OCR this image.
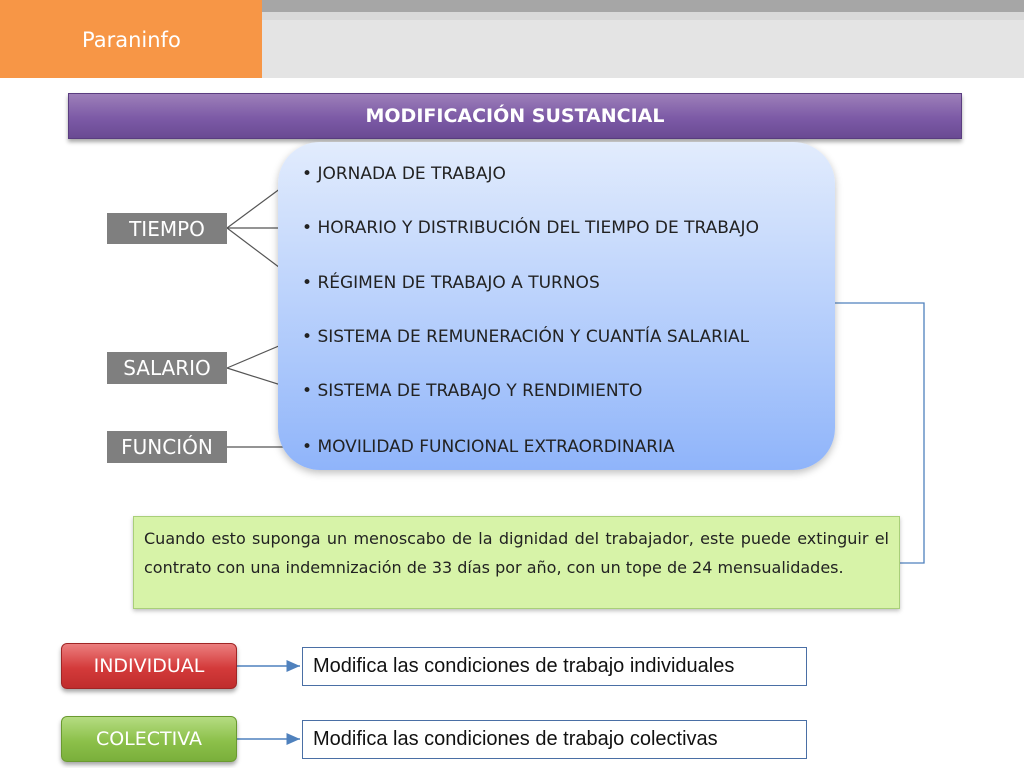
Paraninfo
MODIFICACIÓN SUSTANCIAL
• JORNADA DE TRABAJO
• HORARIO Y DISTRIBUCIÓN DEL TIEMPO DE TRABAJO
• RÉGIMEN DE TRABAJO A TURNOS
• SISTEMA DE REMUNERACIÓN Y CUANTÍA SALARIAL
• SISTEMA DE TRABAJO Y RENDIMIENTO
• MOVILIDAD FUNCIONAL EXTRAORDINARIA
TIEMPO
SALARIO
FUNCIÓN
Cuando esto suponga un menoscabo de la dignidad del trabajador, este puede extinguir el contrato con una indemnización de 33 días por año, con un tope de 24 mensualidades.
INDIVIDUAL	Modifica las condiciones de trabajo individuales
COLECTIVA	Modifica las condiciones de trabajo colectivas
